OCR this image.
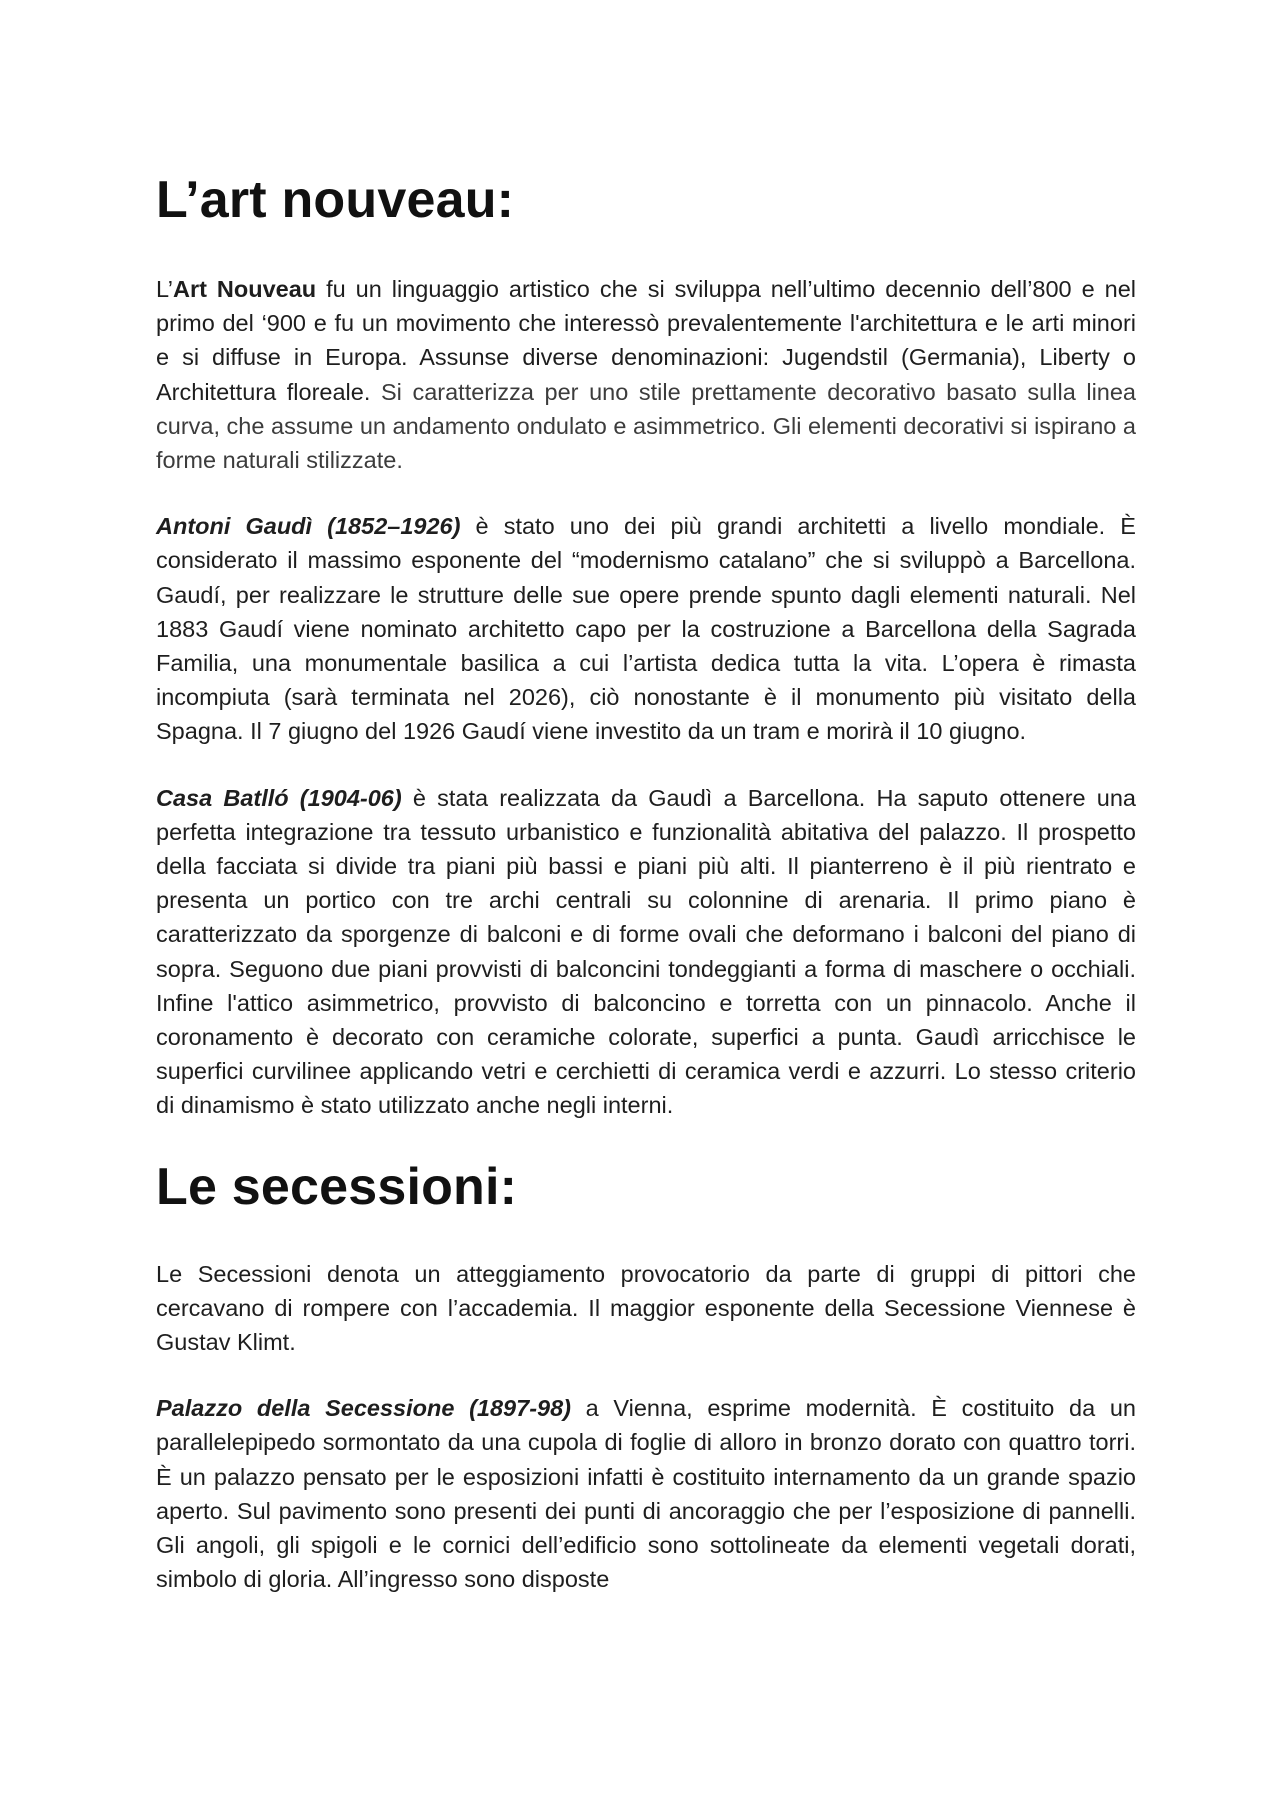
L’art nouveau:

L’Art Nouveau fu un linguaggio artistico che si sviluppa nell’ultimo decennio dell’800 e nel primo del ‘900 e fu un movimento che interessò prevalentemente l'architettura e le arti minori e si diffuse in Europa. Assunse diverse denominazioni: Jugendstil (Germania), Liberty o Architettura floreale. Si caratterizza per uno stile prettamente decorativo basato sulla linea curva, che assume un andamento ondulato e asimmetrico. Gli elementi decorativi si ispirano a forme naturali stilizzate.

Antoni Gaudì (1852–1926) è stato uno dei più grandi architetti a livello mondiale. È considerato il massimo esponente del “modernismo catalano” che si sviluppò a Barcellona. Gaudí, per realizzare le strutture delle sue opere prende spunto dagli elementi naturali. Nel 1883 Gaudí viene nominato architetto capo per la costruzione a Barcellona della Sagrada Familia, una monumentale basilica a cui l’artista dedica tutta la vita. L’opera è rimasta incompiuta (sarà terminata nel 2026), ciò nonostante è il monumento più visitato della Spagna. Il 7 giugno del 1926 Gaudí viene investito da un tram e morirà il 10 giugno.

Casa Batlló (1904-06) è stata realizzata da Gaudì a Barcellona. Ha saputo ottenere una perfetta integrazione tra tessuto urbanistico e funzionalità abitativa del palazzo. Il prospetto della facciata si divide tra piani più bassi e piani più alti. Il pianterreno è il più rientrato e presenta un portico con tre archi centrali su colonnine di arenaria. Il primo piano è caratterizzato da sporgenze di balconi e di forme ovali che deformano i balconi del piano di sopra. Seguono due piani provvisti di balconcini tondeggianti a forma di maschere o occhiali. Infine l'attico asimmetrico, provvisto di balconcino e torretta con un pinnacolo. Anche il coronamento è decorato con ceramiche colorate, superfici a punta. Gaudì arricchisce le superfici curvilinee applicando vetri e cerchietti di ceramica verdi e azzurri. Lo stesso criterio di dinamismo è stato utilizzato anche negli interni.

Le secessioni:

Le Secessioni denota un atteggiamento provocatorio da parte di gruppi di pittori che cercavano di rompere con l’accademia. Il maggior esponente della Secessione Viennese è Gustav Klimt.

Palazzo della Secessione (1897-98) a Vienna, esprime modernità. È costituito da un parallelepipedo sormontato da una cupola di foglie di alloro in bronzo dorato con quattro torri. È un palazzo pensato per le esposizioni infatti è costituito internamento da un grande spazio aperto. Sul pavimento sono presenti dei punti di ancoraggio che per l’esposizione di pannelli. Gli angoli, gli spigoli e le cornici dell’edificio sono sottolineate da elementi vegetali dorati, simbolo di gloria. All’ingresso sono disposte
